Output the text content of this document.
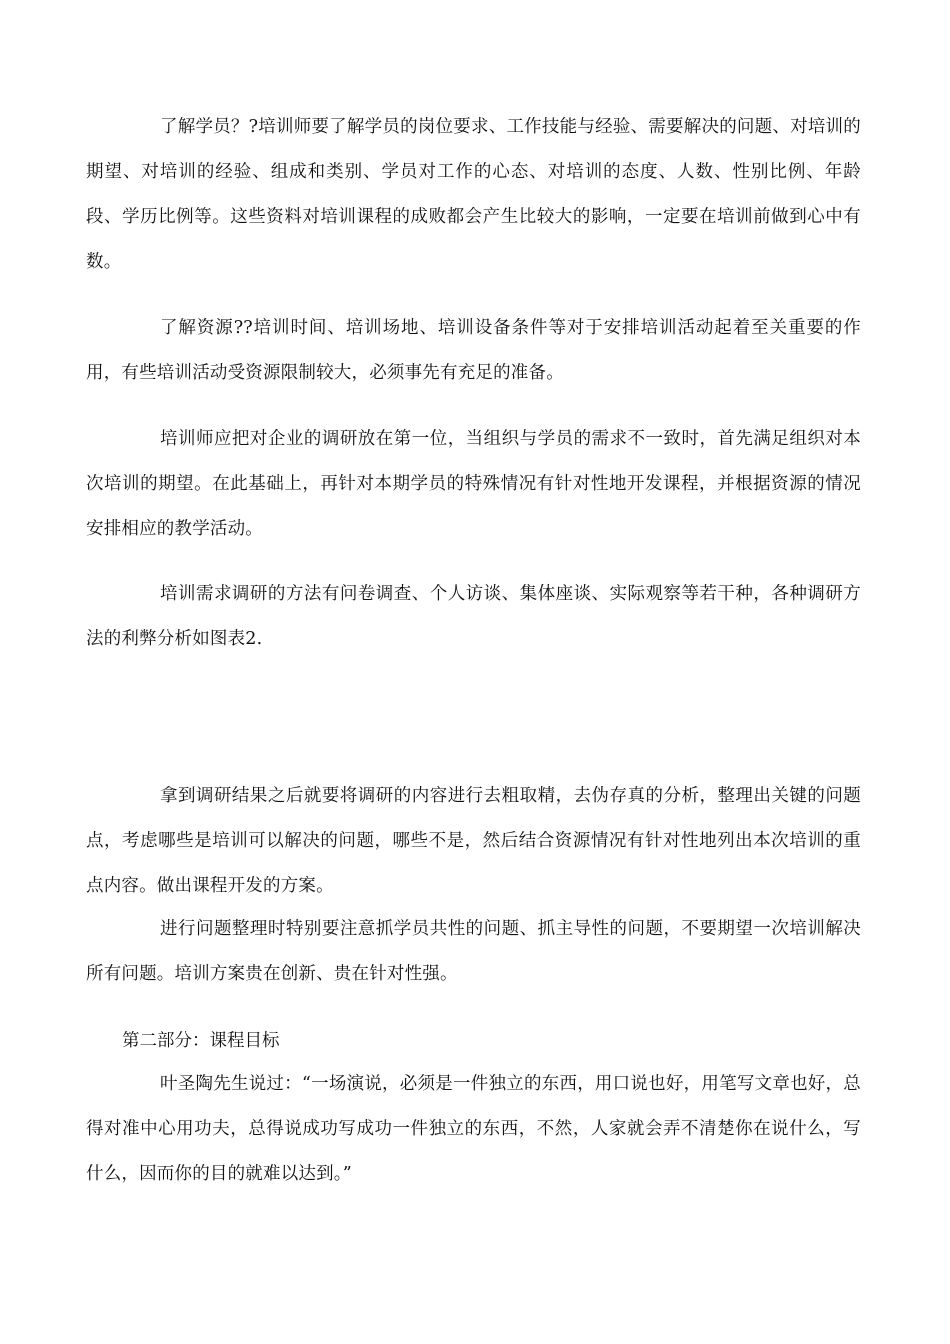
了解学员？?培训师要了解学员的岗位要求、工作技能与经验、需要解决的问题、对培训的期望、对培训的经验、组成和类别、学员对工作的心态、对培训的态度、人数、性别比例、年龄段、学历比例等。这些资料对培训课程的成败都会产生比较大的影响，一定要在培训前做到心中有数。

了解资源??培训时间、培训场地、培训设备条件等对于安排培训活动起着至关重要的作用，有些培训活动受资源限制较大，必须事先有充足的准备。

培训师应把对企业的调研放在第一位，当组织与学员的需求不一致时，首先满足组织对本次培训的期望。在此基础上，再针对本期学员的特殊情况有针对性地开发课程，并根据资源的情况安排相应的教学活动。

培训需求调研的方法有问卷调查、个人访谈、集体座谈、实际观察等若干种，各种调研方法的利弊分析如图表2.

拿到调研结果之后就要将调研的内容进行去粗取精，去伪存真的分析，整理出关键的问题点，考虑哪些是培训可以解决的问题，哪些不是，然后结合资源情况有针对性地列出本次培训的重点内容。做出课程开发的方案。

进行问题整理时特别要注意抓学员共性的问题、抓主导性的问题，不要期望一次培训解决所有问题。培训方案贵在创新、贵在针对性强。

第二部分：课程目标

叶圣陶先生说过：“一场演说，必须是一件独立的东西，用口说也好，用笔写文章也好，总得对准中心用功夫，总得说成功写成功一件独立的东西，不然，人家就会弄不清楚你在说什么，写什么，因而你的目的就难以达到。”
